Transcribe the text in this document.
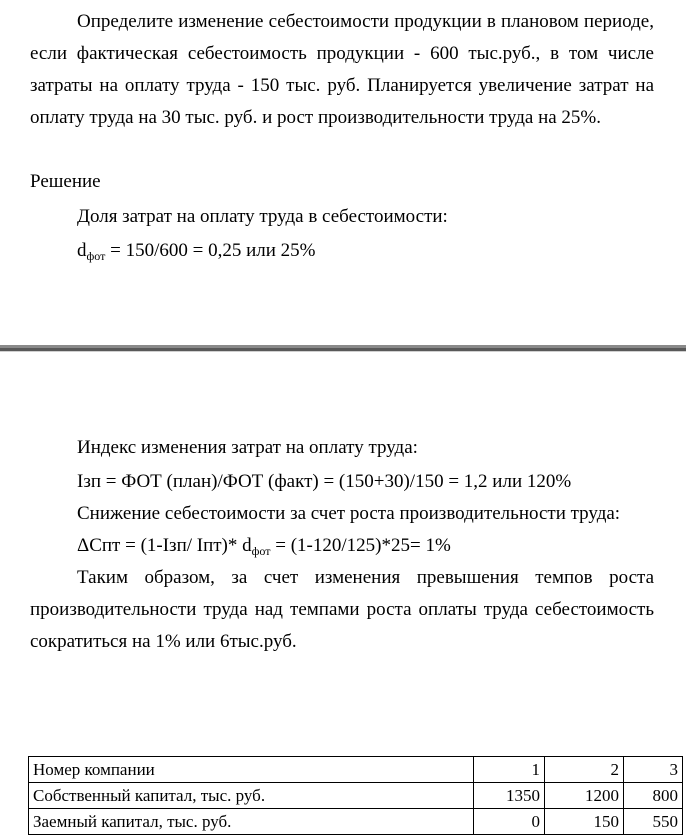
Определите изменение себестоимости продукции в плановом периоде,
если фактическая себестоимость продукции - 600 тыс.руб., в том числе
затраты на оплату труда - 150 тыс. руб. Планируется увеличение затрат на
оплату труда на 30 тыс. руб. и рост производительности труда на 25%.
Решение
Доля затрат на оплату труда в себестоимости:
$d_{фот} = 150/600 = 0,25$ или 25%
Индекс изменения затрат на оплату труда:
Iзп = ФОТ (план)/ФОТ (факт) = (150+30)/150 = 1,2 или 120%
Снижение себестоимости за счет роста производительности труда:
ΔCпт = (1-Iзп/ Iпт)* $d_{фот} = (1-120/125)*25= 1\%$
Таким образом, за счет изменения превышения темпов роста
производительности труда над темпами роста оплаты труда себестоимость
сократиться на 1% или 6тыс.руб.
Номер компании	1	2	3
Собственный капитал, тыс. руб.	1350	1200	800
Заемный капитал, тыс. руб.	0	150	550
